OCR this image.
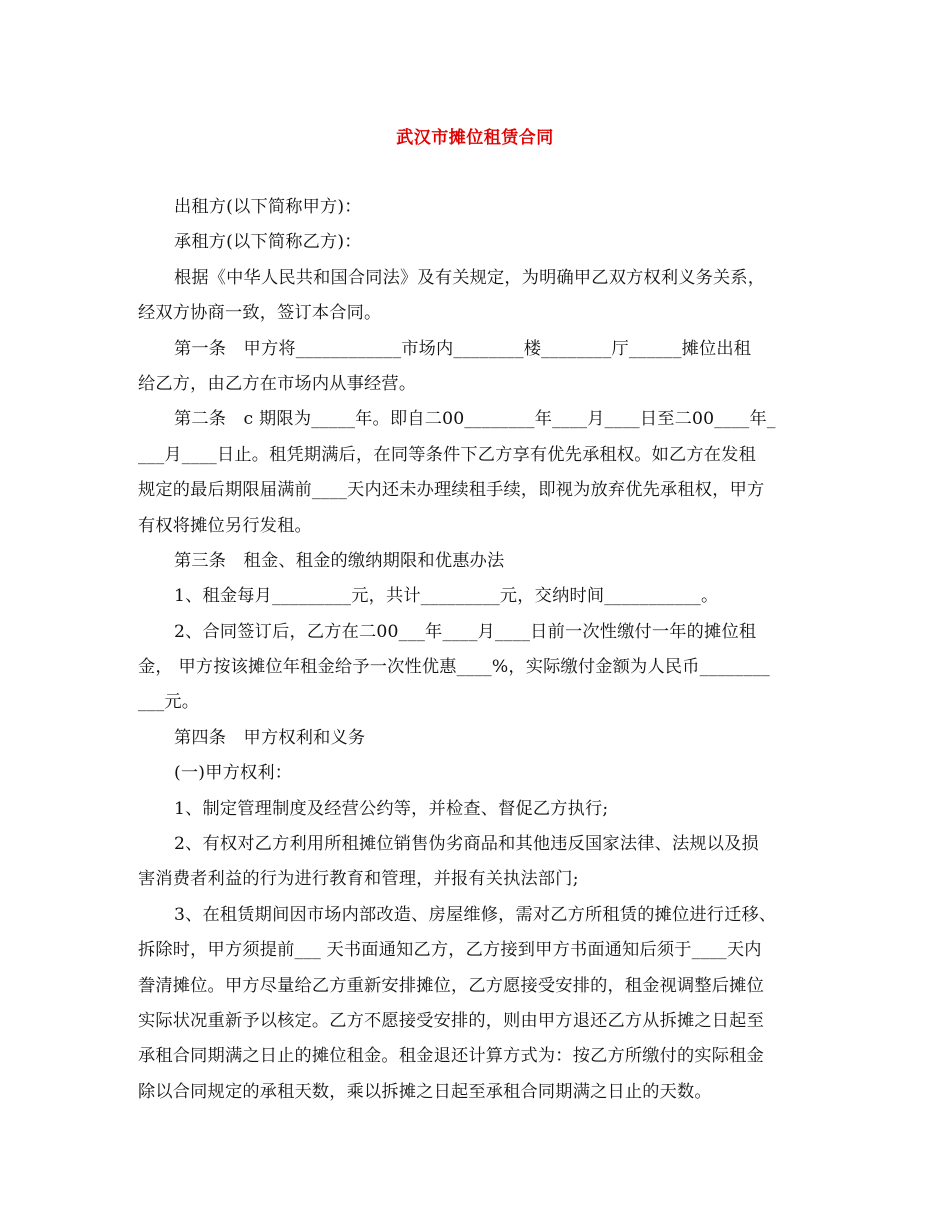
武汉市摊位租赁合同
出租方(以下简称甲方)：
承租方(以下简称乙方)：
根据《中华人民共和国合同法》及有关规定，为明确甲乙双方权利义务关系，
经双方协商一致，签订本合同。
第一条　甲方将____________市场内________楼________厅______摊位出租
给乙方，由乙方在市场内从事经营。
第二条　c 期限为_____年。即自二00________年____月____日至二00____年_
___月____日止。租凭期满后，在同等条件下乙方享有优先承租权。如乙方在发租
规定的最后期限届满前____天内还未办理续租手续，即视为放弃优先承租权，甲方
有权将摊位另行发租。
第三条　租金、租金的缴纳期限和优惠办法
1、租金每月_________元，共计_________元，交纳时间___________。
2、合同签订后，乙方在二00___年____月____日前一次性缴付一年的摊位租
金， 甲方按该摊位年租金给予一次性优惠____%，实际缴付金额为人民币________
___元。
第四条　甲方权利和义务
(一)甲方权利：
1、制定管理制度及经营公约等，并检查、督促乙方执行;
2、有权对乙方利用所租摊位销售伪劣商品和其他违反国家法律、法规以及损
害消费者利益的行为进行教育和管理，并报有关执法部门;
3、在租赁期间因市场内部改造、房屋维修，需对乙方所租赁的摊位进行迁移、
拆除时，甲方须提前___ 天书面通知乙方，乙方接到甲方书面通知后须于____天内
誊清摊位。甲方尽量给乙方重新安排摊位，乙方愿接受安排的，租金视调整后摊位
实际状况重新予以核定。乙方不愿接受安排的，则由甲方退还乙方从拆摊之日起至
承租合同期满之日止的摊位租金。租金退还计算方式为：按乙方所缴付的实际租金
除以合同规定的承租天数，乘以拆摊之日起至承租合同期满之日止的天数。
